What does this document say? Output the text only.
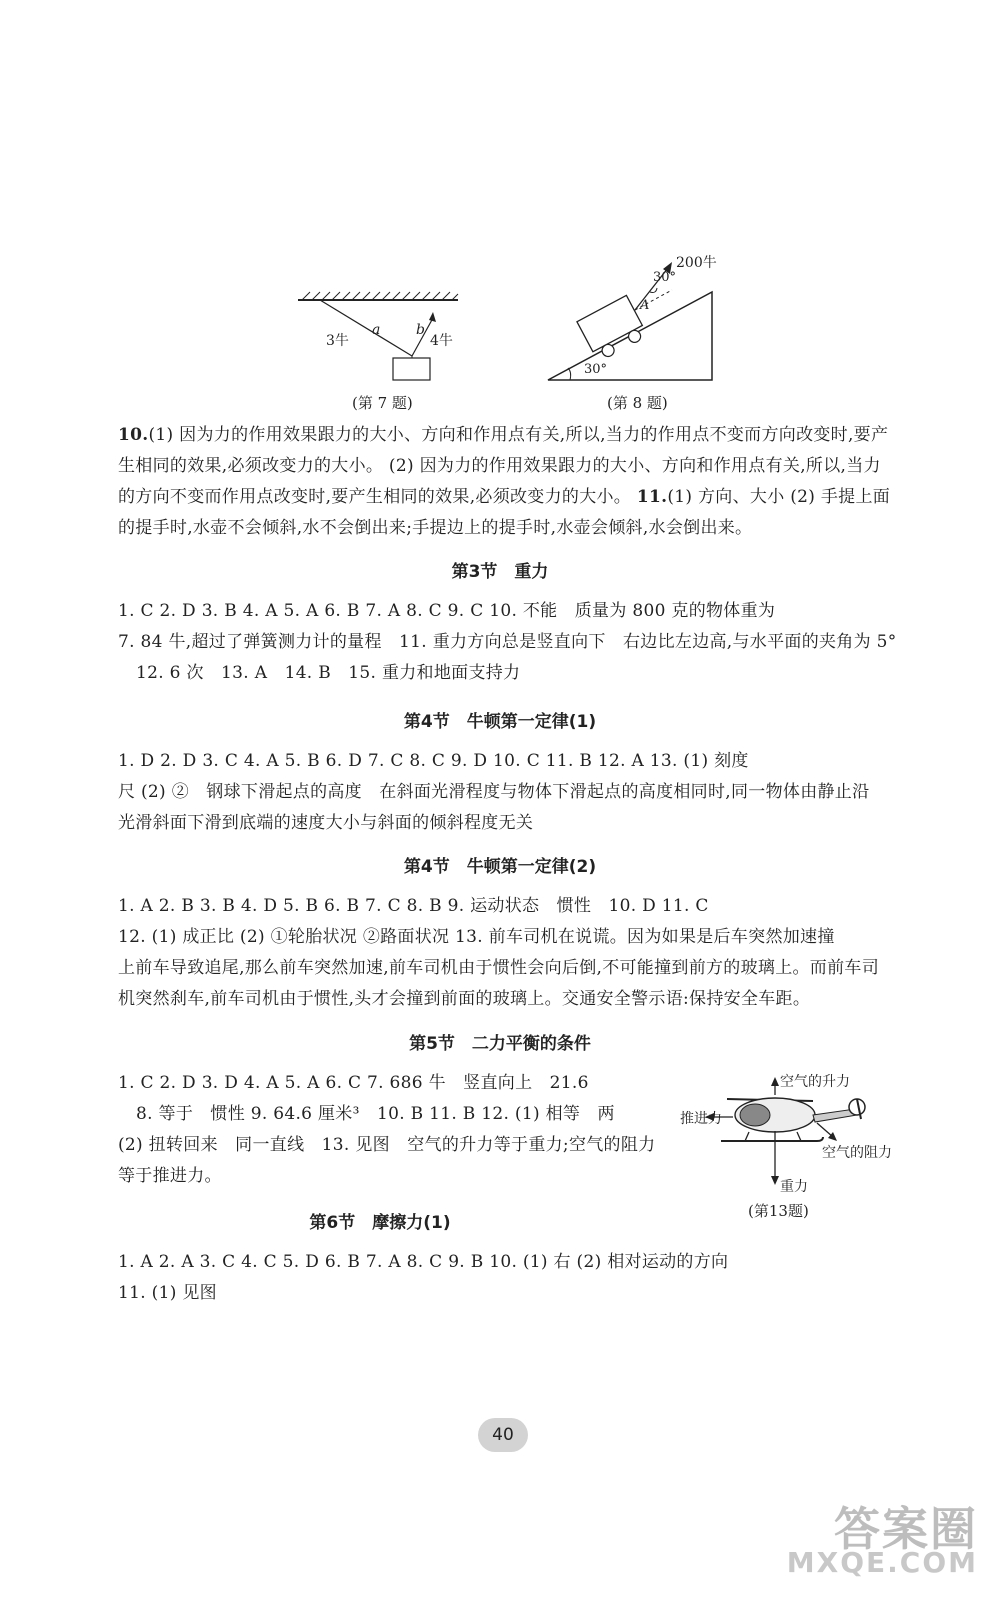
3牛
a	b
4牛
(第 7 题)
200牛
30°
A
30°
(第 8 题)
10.(1) 因为力的作用效果跟力的大小、方向和作用点有关,所以,当力的作用点不变而方向改变时,要产生相同的效果,必须改变力的大小。 (2) 因为力的作用效果跟力的大小、方向和作用点有关,所以,当力的方向不变而作用点改变时,要产生相同的效果,必须改变力的大小。 11.(1) 方向、大小 (2) 手提上面的提手时,水壶不会倾斜,水不会倒出来;手提边上的提手时,水壶会倾斜,水会倒出来。
第3节　重力
1. C 2. D 3. B 4. A 5. A 6. B 7. A 8. C 9. C 10. 不能　质量为 800 克的物体重为
7. 84 牛,超过了弹簧测力计的量程　11. 重力方向总是竖直向下　右边比左边高,与水平面的夹角为 5°
12. 6 次　13. A　14. B　15. 重力和地面支持力
第4节　牛顿第一定律(1)
1. D 2. D 3. C 4. A 5. B 6. D 7. C 8. C 9. D 10. C 11. B 12. A 13. (1) 刻度
尺 (2) ②　钢球下滑起点的高度　在斜面光滑程度与物体下滑起点的高度相同时,同一物体由静止沿
光滑斜面下滑到底端的速度大小与斜面的倾斜程度无关
第4节　牛顿第一定律(2)
1. A 2. B 3. B 4. D 5. B 6. B 7. C 8. B 9. 运动状态　惯性　10. D 11. C
12. (1) 成正比 (2) ①轮胎状况 ②路面状况 13. 前车司机在说谎。因为如果是后车突然加速撞
上前车导致追尾,那么前车突然加速,前车司机由于惯性会向后倒,不可能撞到前方的玻璃上。而前车司
机突然刹车,前车司机由于惯性,头才会撞到前面的玻璃上。交通安全警示语:保持安全车距。
第5节　二力平衡的条件
1. C 2. D 3. D 4. A 5. A 6. C 7. 686 牛　竖直向上　21.6
8. 等于　惯性 9. 64.6 厘米³　10. B 11. B 12. (1) 相等　两
(2) 扭转回来　同一直线　13. 见图　空气的升力等于重力;空气的阻力
等于推进力。
空气的升力
推进力
空气的阻力
重力
(第13题)
第6节　摩擦力(1)
1. A 2. A 3. C 4. C 5. D 6. B 7. A 8. C 9. B 10. (1) 右 (2) 相对运动的方向
11. (1) 见图
40
答案圈
MXQE.COM
